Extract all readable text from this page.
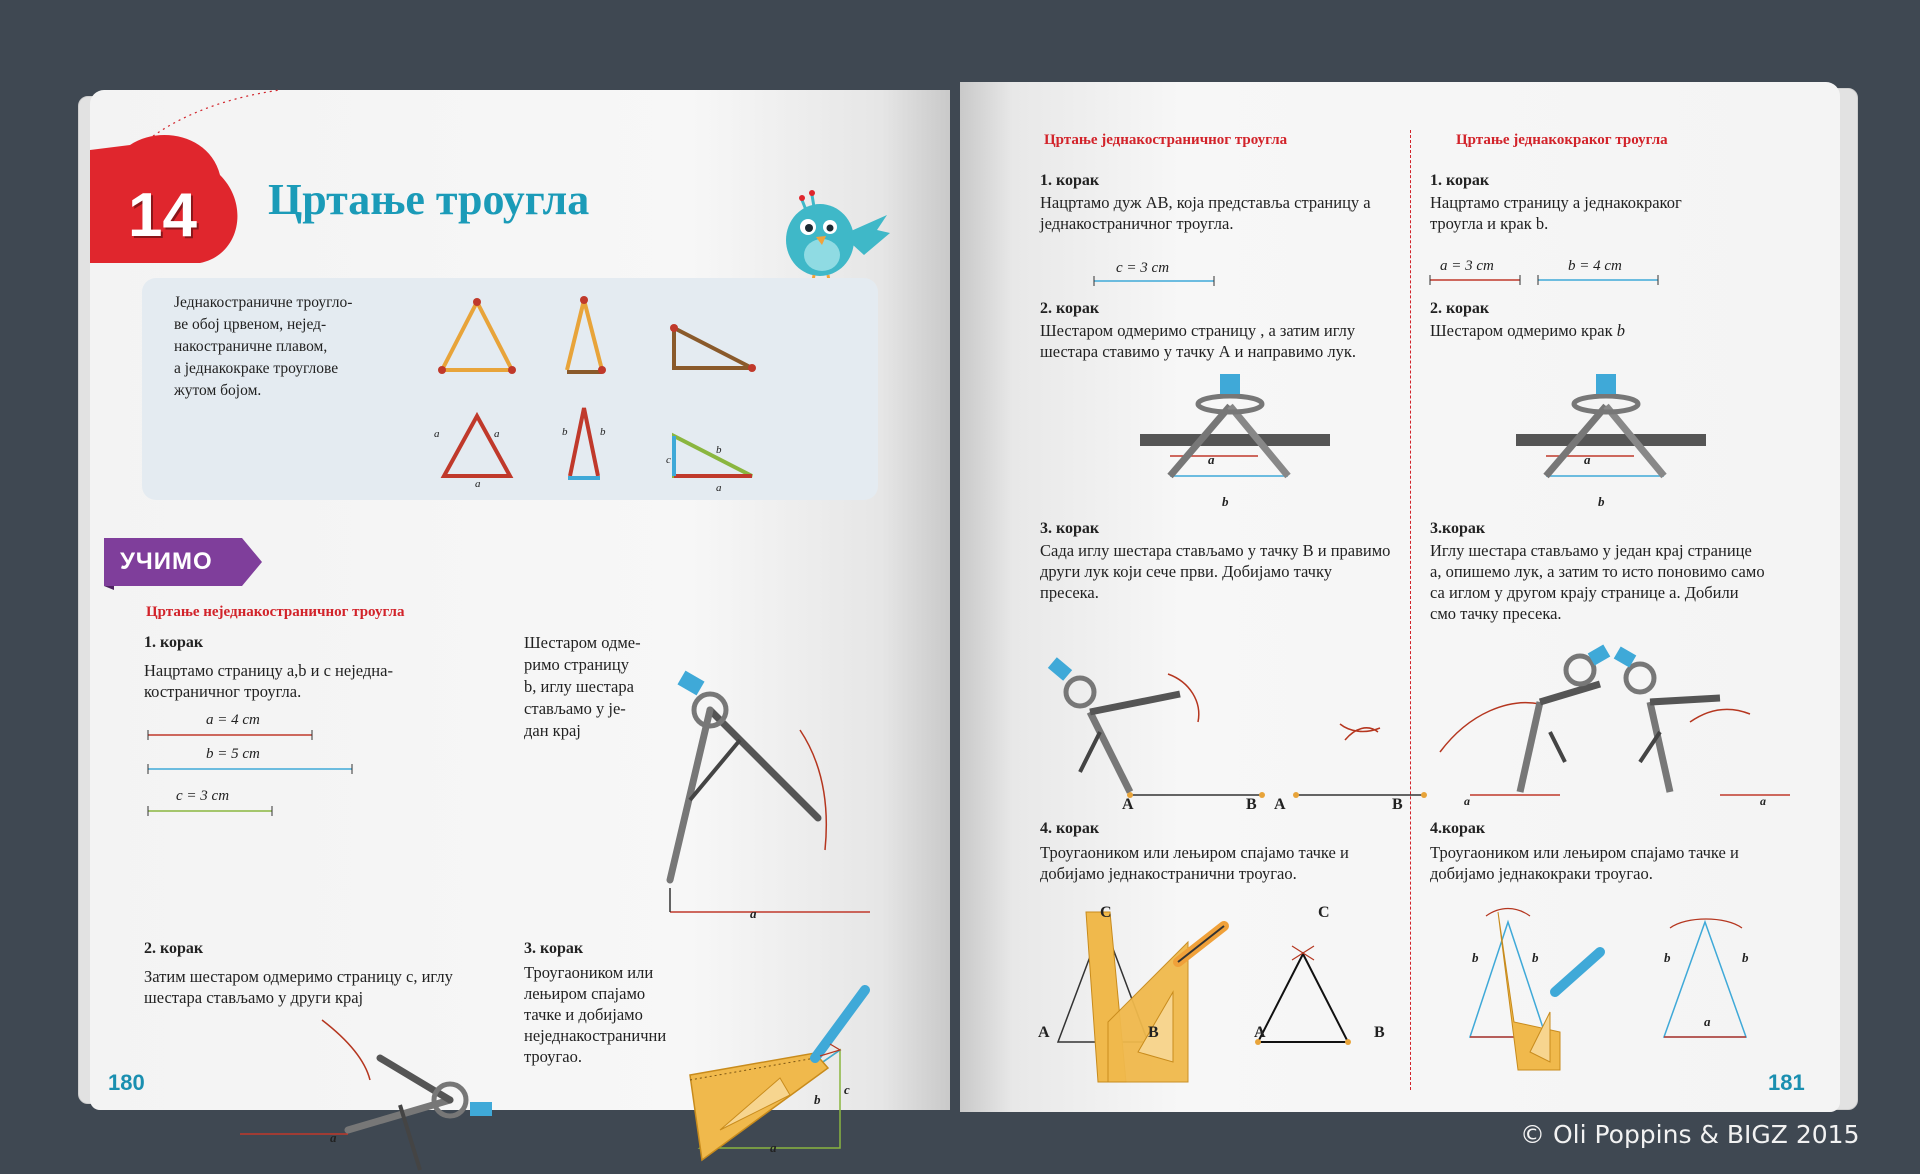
14 Цртање троугла
Једнакостраничне троугло-
ве обој црвеном, неjед-
накостраничне плавом,
а једнакокраке троуглове
жутом бојом.
a	a
a
b	b
c
b
a
УЧИМО
Цртање неједнакостраничног троугла
1. корак
Нацртамо страницу a,b и c неједна-
костраничног троугла.
a = 4 cm
b = 5 cm
c = 3 cm
Шестаром одме-
римо страницу
b, иглу шестара
стављамо у је-
дан крај
a
2. корак
Затим шестаром одмеримо страницу c, иглу
шестара стављамо у други крај
a
3. корак
Троугаоником или
лењиром спајамо
тачке и добијамо
неједнакостранични
троугао.
b
c
a
180
Цртање једнакостраничног троугла
1. корак
Нацртамо дуж AB, која представља страницу a
једнакостраничног троугла.
c = 3 cm
2. корак
Шестаром одмеримо страницу , а затим иглу
шестара ставимо у тачку А и направимо лук.
a
b
3. корак
Сада иглу шестара стављамо у тачку B и правимо
други лук који сече први. Добијамо тачку
пресека.
A	B A	B
4. корак
Троугаоником или лењиром спајамо тачке и
добијамо једнакостранични троугао.
C
A	B
C
A	B
Цртање једнакокраког троугла
1. корак
Нацртамо страницу a једнакокраког
троугла и крак b.
a = 3 cm	b = 4 cm
2. корак
Шестаром одмеримо крак b
a
b
3.корак
Иглу шестара стављамо у један крај странице
a, опишемо лук, а затим то исто поновимо само
са иглом у другом крају странице a. Добили
смо тачку пресека.
a	a
4.корак
Троугаоником или лењиром спајамо тачке и
добијамо једнакокраки троугао.
b	b	b	b
a
181
© Oli Poppins & BIGZ 2015
